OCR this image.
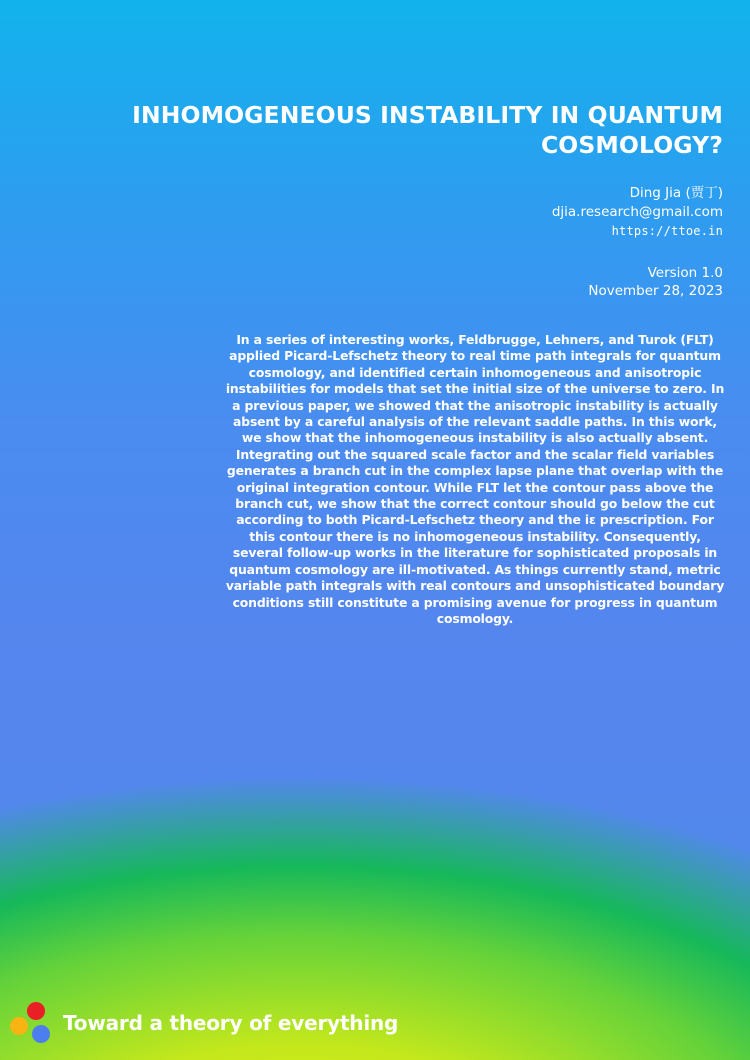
INHOMOGENEOUS INSTABILITY IN QUANTUM COSMOLOGY?
Ding Jia (贾丁)
djia.research@gmail.com
https://ttoe.in
Version 1.0
November 28, 2023

In a series of interesting works, Feldbrugge, Lehners, and Turok (FLT) applied Picard-Lefschetz theory to real time path integrals for quantum cosmology, and identified certain inhomogeneous and anisotropic instabilities for models that set the initial size of the universe to zero. In a previous paper, we showed that the anisotropic instability is actually absent by a careful analysis of the relevant saddle paths. In this work, we show that the inhomogeneous instability is also actually absent. Integrating out the squared scale factor and the scalar field variables generates a branch cut in the complex lapse plane that overlap with the original integration contour. While FLT let the contour pass above the branch cut, we show that the correct contour should go below the cut according to both Picard-Lefschetz theory and the iε prescription. For this contour there is no inhomogeneous instability. Consequently, several follow-up works in the literature for sophisticated proposals in quantum cosmology are ill-motivated. As things currently stand, metric variable path integrals with real contours and unsophisticated boundary conditions still constitute a promising avenue for progress in quantum cosmology.

Toward a theory of everything
